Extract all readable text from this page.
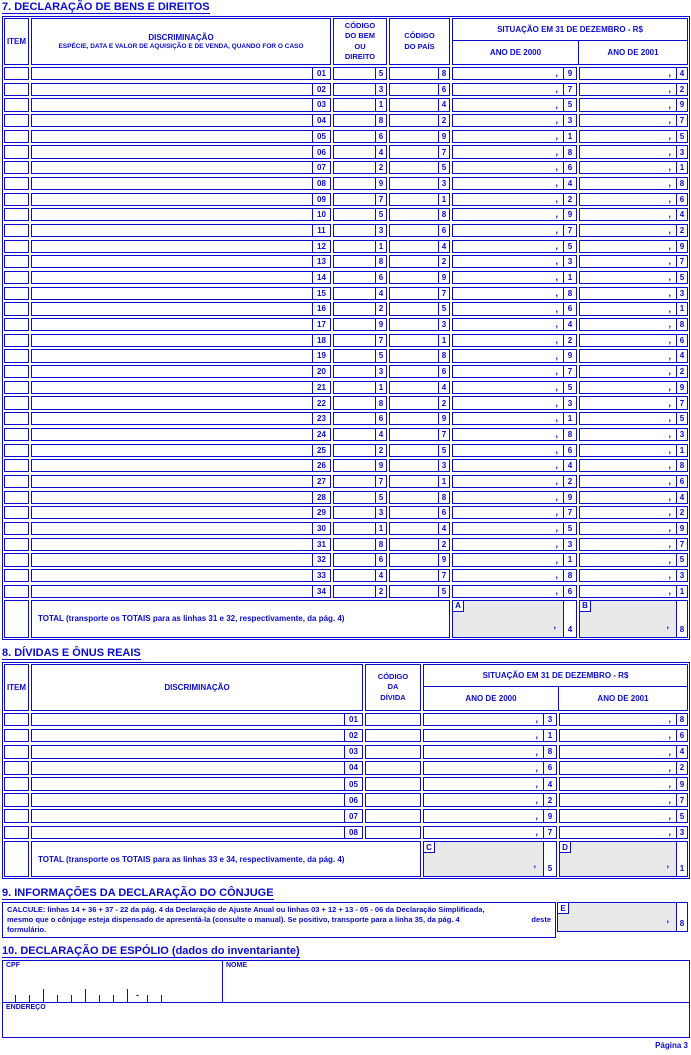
7. DECLARAÇÃO DE BENS E DIREITOS
ITEM	DISCRIMINAÇÃO
ESPÉCIE, DATA E VALOR DE AQUISIÇÃO E DE VENDA, QUANDO FOR O CASO
CÓDIGO
DO BEM
OU
DIREITO
CÓDIGO
DO PAÍS
SITUAÇÃO EM 31 DE DEZEMBRO - R$
ANO DE 2000	ANO DE 2001
01	5	8	,	9	,	4
02	3	6	,	7	,	2
03	1	4	,	5	,	9
04	8	2	,	3	,	7
05	6	9	,	1	,	5
06	4	7	,	8	,	3
07	2	5	,	6	,	1
08	9	3	,	4	,	8
09	7	1	,	2	,	6
10	5	8	,	9	,	4
11	3	6	,	7	,	2
12	1	4	,	5	,	9
13	8	2	,	3	,	7
14	6	9	,	1	,	5
15	4	7	,	8	,	3
16	2	5	,	6	,	1
17	9	3	,	4	,	8
18	7	1	,	2	,	6
19	5	8	,	9	,	4
20	3	6	,	7	,	2
21	1	4	,	5	,	9
22	8	2	,	3	,	7
23	6	9	,	1	,	5
24	4	7	,	8	,	3
25	2	5	,	6	,	1
26	9	3	,	4	,	8
27	7	1	,	2	,	6
28	5	8	,	9	,	4
29	3	6	,	7	,	2
30	1	4	,	5	,	9
31	8	2	,	3	,	7
32	6	9	,	1	,	5
33	4	7	,	8	,	3
34	2	5	,	6	,	1
TOTAL (transporte os TOTAIS para as linhas 31 e 32, respectivamente, da pág. 4)
A
,	4
B
,	8
8. DÍVIDAS E ÔNUS REAIS
ITEM	DISCRIMINAÇÃO
CÓDIGO
DA
DÍVIDA
SITUAÇÃO EM 31 DE DEZEMBRO - R$
ANO DE 2000	ANO DE 2001
01	,	3	,	8
02	,	1	,	6
03	,	8	,	4
04	,	6	,	2
05	,	4	,	9
06	,	2	,	7
07	,	9	,	5
08	,	7	,	3
TOTAL (transporte os TOTAIS para as linhas 33 e 34, respectivamente, da pág. 4)
C
,	5
D
,	1
9. INFORMAÇÕES DA DECLARAÇÃO DO CÔNJUGE
CALCULE: linhas 14 + 36 + 37 - 22 da pág. 4 da Declaração de Ajuste Anual ou linhas 03 + 12 + 13 - 05 - 06 da Declaração Simplificada,
mesmo que o cônjuge esteja dispensado de apresentá-la (consulte o manual). Se positivo, transporte para a linha 35, da pág. 4	deste
formulário.
E
,	8
10. DECLARAÇÃO DE ESPÓLIO (dados do inventariante)
CPF
-
NOME
ENDEREÇO
Página 3
